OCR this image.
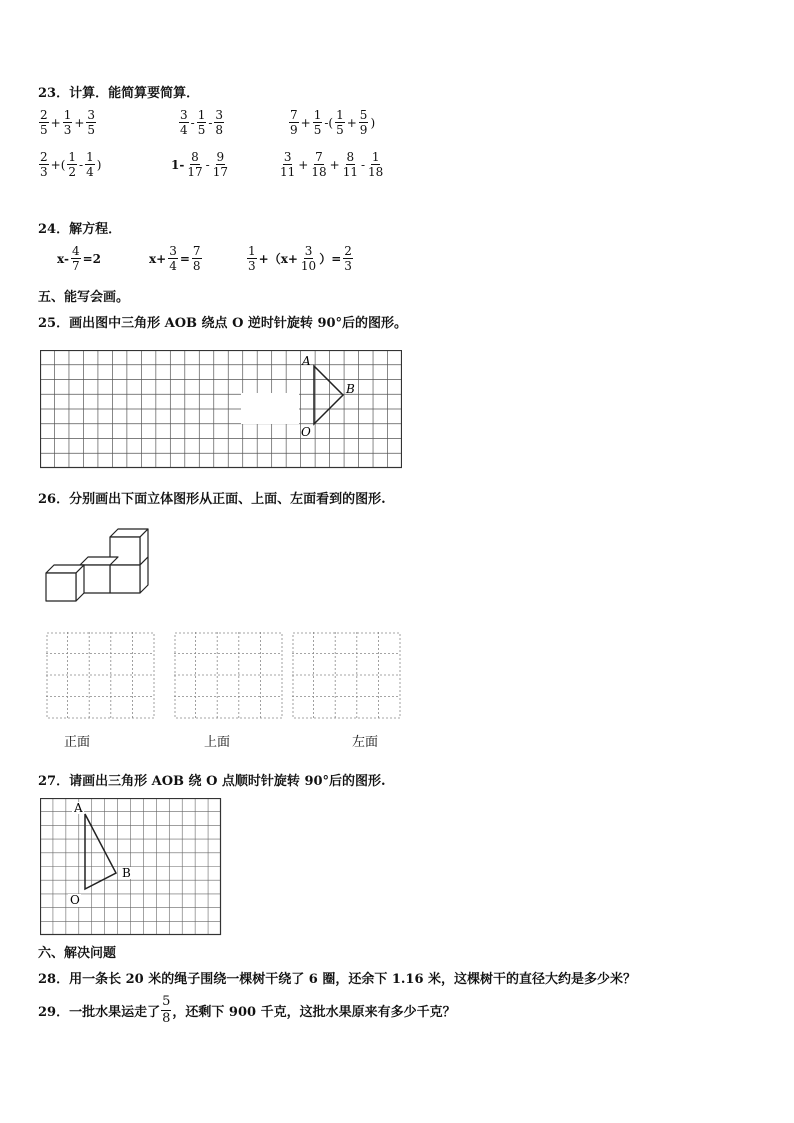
23．计算．能简算要简算．
$\frac{2}{5} + \frac{1}{3} + \frac{3}{5}$	$\frac{3}{4} - \frac{1}{5} - \frac{3}{8}$	$\frac{7}{9} + \frac{1}{5}$ -( $\frac{1}{5} + \frac{5}{9}$ )
$\frac{2}{3}$ +( $\frac{1}{2} - \frac{1}{4}$ )	$1- \frac{8}{17} - \frac{9}{17}$	$\frac{3}{11} + \frac{7}{18} + \frac{8}{11} - \frac{1}{18}$
24．解方程．
$x- \frac{4}{7} =2$	$x+ \frac{3}{4} = \frac{7}{8}$	$\frac{1}{3} +(x+ \frac{3}{10}$ ）= $\frac{2}{3}$
五、能写会画。
25．画出图中三角形 AOB 绕点 O 逆时针旋转 90°后的图形。
A
B
O
26．分别画出下面立体图形从正面、上面、左面看到的图形.
正面	上面	左面
27．请画出三角形 AOB 绕 O 点顺时针旋转 90°后的图形.
A
B
O
六、解决问题
28．用一条长 20 米的绳子围绕一棵树干绕了 6 圈，还余下 1.16 米，这棵树干的直径大约是多少米？
29．一批水果运走了 $\frac{5}{8}$ ，还剩下 900 千克，这批水果原来有多少千克？
